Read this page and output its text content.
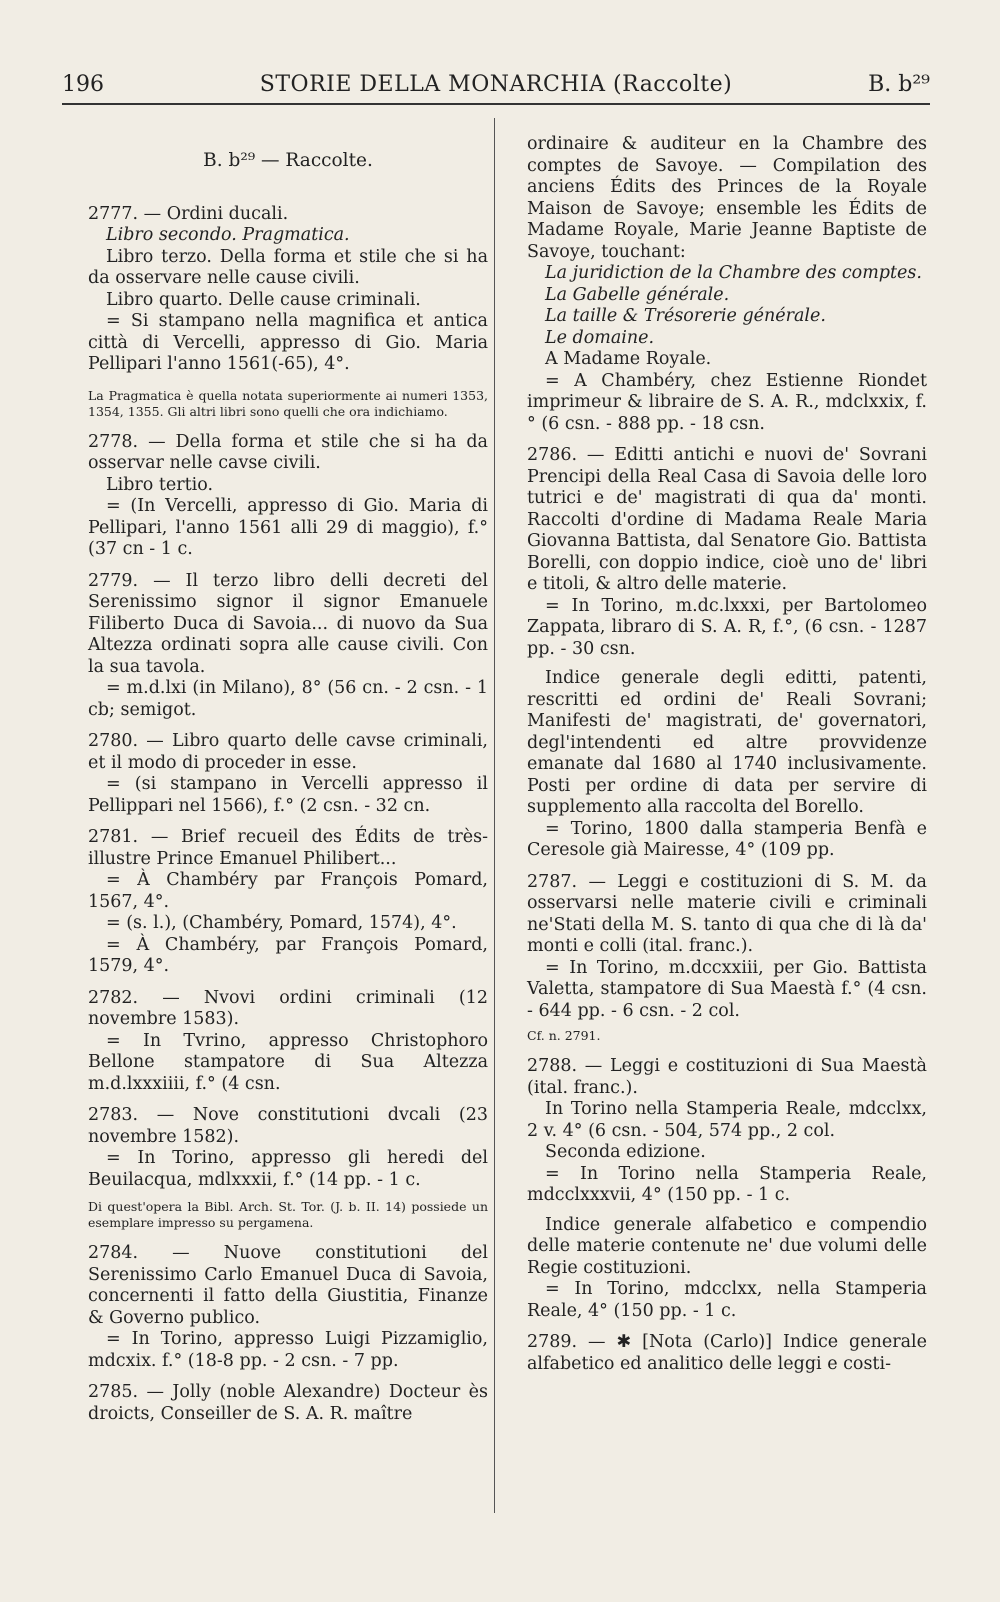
196	STORIE DELLA MONARCHIA (Raccolte)	B. b²⁹

B. b²⁹ — Raccolte.

2777. — Ordini ducali.

Libro secondo. Pragmatica.

Libro terzo. Della forma et stile che si ha da osservare nelle cause civili.

Libro quarto. Delle cause criminali.

= Si stampano nella magnifica et antica città di Vercelli, appresso di Gio. Maria Pellipari l'anno 1561(-65), 4°.

La Pragmatica è quella notata superiormente ai numeri 1353, 1354, 1355. Gli altri libri sono quelli che ora indichiamo.

2778. — Della forma et stile che si ha da osservar nelle cavse civili.

Libro tertio.

= (In Vercelli, appresso di Gio. Maria di Pellipari, l'anno 1561 alli 29 di maggio), f.° (37 cn - 1 c.

2779. — Il terzo libro delli decreti del Serenissimo signor il signor Emanuele Filiberto Duca di Savoia... di nuovo da Sua Altezza ordinati sopra alle cause civili. Con la sua tavola.

= m.d.lxi (in Milano), 8° (56 cn. - 2 csn. - 1 cb; semigot.

2780. — Libro quarto delle cavse criminali, et il modo di proceder in esse.

= (si stampano in Vercelli appresso il Pellippari nel 1566), f.° (2 csn. - 32 cn.

2781. — Brief recueil des Édits de très-illustre Prince Emanuel Philibert...

= À Chambéry par François Pomard, 1567, 4°.

= (s. l.), (Chambéry, Pomard, 1574), 4°.

= À Chambéry, par François Pomard, 1579, 4°.

2782. — Nvovi ordini criminali (12 novembre 1583).

= In Tvrino, appresso Christophoro Bellone stampatore di Sua Altezza m.d.lxxxiiii, f.° (4 csn.

2783. — Nove constitutioni dvcali (23 novembre 1582).

= In Torino, appresso gli heredi del Beuilacqua, mdlxxxii, f.° (14 pp. - 1 c.

Di quest'opera la Bibl. Arch. St. Tor. (J. b. II. 14) possiede un esemplare impresso su pergamena.

2784. — Nuove constitutioni del Serenissimo Carlo Emanuel Duca di Savoia, concernenti il fatto della Giustitia, Finanze & Governo publico.

= In Torino, appresso Luigi Pizzamiglio, mdcxix. f.° (18-8 pp. - 2 csn. - 7 pp.

2785. — Jolly (noble Alexandre) Docteur ès droicts, Conseiller de S. A. R. maître

ordinaire & auditeur en la Chambre des comptes de Savoye. — Compilation des anciens Édits des Princes de la Royale Maison de Savoye; ensemble les Édits de Madame Royale, Marie Jeanne Baptiste de Savoye, touchant:

La juridiction de la Chambre des comptes.

La Gabelle générale.

La taille & Trésorerie générale.

Le domaine.

A Madame Royale.

= A Chambéry, chez Estienne Riondet imprimeur & libraire de S. A. R., mdclxxix, f.° (6 csn. - 888 pp. - 18 csn.

2786. — Editti antichi e nuovi de' Sovrani Prencipi della Real Casa di Savoia delle loro tutrici e de' magistrati di qua da' monti. Raccolti d'ordine di Madama Reale Maria Giovanna Battista, dal Senatore Gio. Battista Borelli, con doppio indice, cioè uno de' libri e titoli, & altro delle materie.

= In Torino, m.dc.lxxxi, per Bartolomeo Zappata, libraro di S. A. R, f.°, (6 csn. - 1287 pp. - 30 csn.

Indice generale degli editti, patenti, rescritti ed ordini de' Reali Sovrani; Manifesti de' magistrati, de' governatori, degl'intendenti ed altre provvidenze emanate dal 1680 al 1740 inclusivamente. Posti per ordine di data per servire di supplemento alla raccolta del Borello.

= Torino, 1800 dalla stamperia Benfà e Ceresole già Mairesse, 4° (109 pp.

2787. — Leggi e costituzioni di S. M. da osservarsi nelle materie civili e criminali ne'Stati della M. S. tanto di qua che di là da' monti e colli (ital. franc.).

= In Torino, m.dccxxiii, per Gio. Battista Valetta, stampatore di Sua Maestà f.° (4 csn. - 644 pp. - 6 csn. - 2 col.

Cf. n. 2791.

2788. — Leggi e costituzioni di Sua Maestà (ital. franc.).

In Torino nella Stamperia Reale, mdcclxx, 2 v. 4° (6 csn. - 504, 574 pp., 2 col.

Seconda edizione.

= In Torino nella Stamperia Reale, mdcclxxxvii, 4° (150 pp. - 1 c.

Indice generale alfabetico e compendio delle materie contenute ne' due volumi delle Regie costituzioni.

= In Torino, mdcclxx, nella Stamperia Reale, 4° (150 pp. - 1 c.

2789. — ✱ [Nota (Carlo)] Indice generale alfabetico ed analitico delle leggi e costi-
